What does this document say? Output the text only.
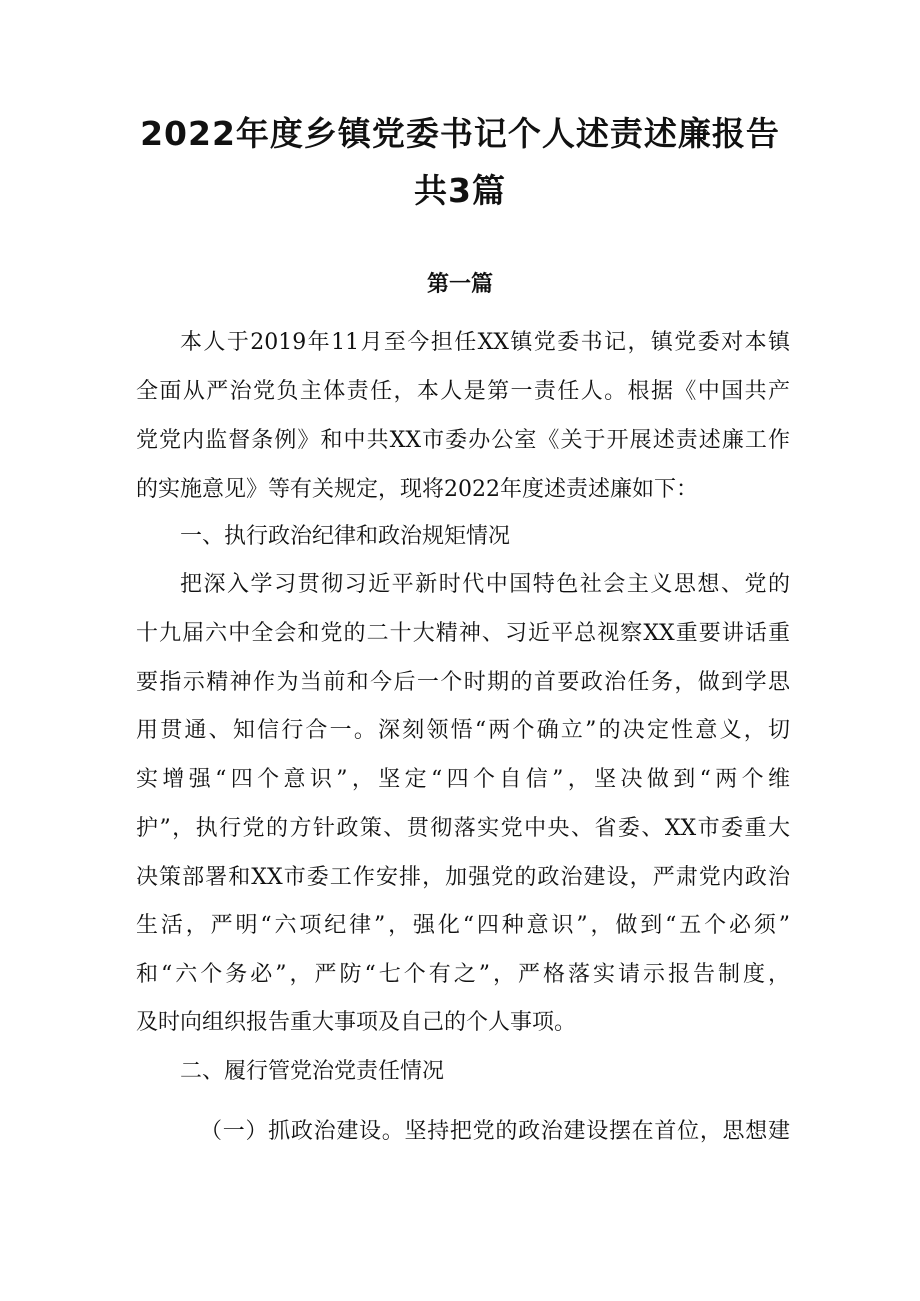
2022年度乡镇党委书记个人述责述廉报告
共3篇
第一篇
本人于2019年11月至今担任XX镇党委书记，镇党委对本镇
全面从严治党负主体责任，本人是第一责任人。根据《中国共产
党党内监督条例》和中共XX市委办公室《关于开展述责述廉工作
的实施意见》等有关规定，现将2022年度述责述廉如下：
一、执行政治纪律和政治规矩情况
把深入学习贯彻习近平新时代中国特色社会主义思想、党的
十九届六中全会和党的二十大精神、习近平总视察XX重要讲话重
要指示精神作为当前和今后一个时期的首要政治任务，做到学思
用贯通、知信行合一。深刻领悟“两个确立”的决定性意义，切
实增强“四个意识”，坚定“四个自信”，坚决做到“两个维
护”，执行党的方针政策、贯彻落实党中央、省委、XX市委重大
决策部署和XX市委工作安排，加强党的政治建设，严肃党内政治
生活，严明“六项纪律”，强化“四种意识”，做到“五个必须”
和“六个务必”，严防“七个有之”，严格落实请示报告制度，
及时向组织报告重大事项及自己的个人事项。
二、履行管党治党责任情况
（一）抓政治建设。坚持把党的政治建设摆在首位，思想建
